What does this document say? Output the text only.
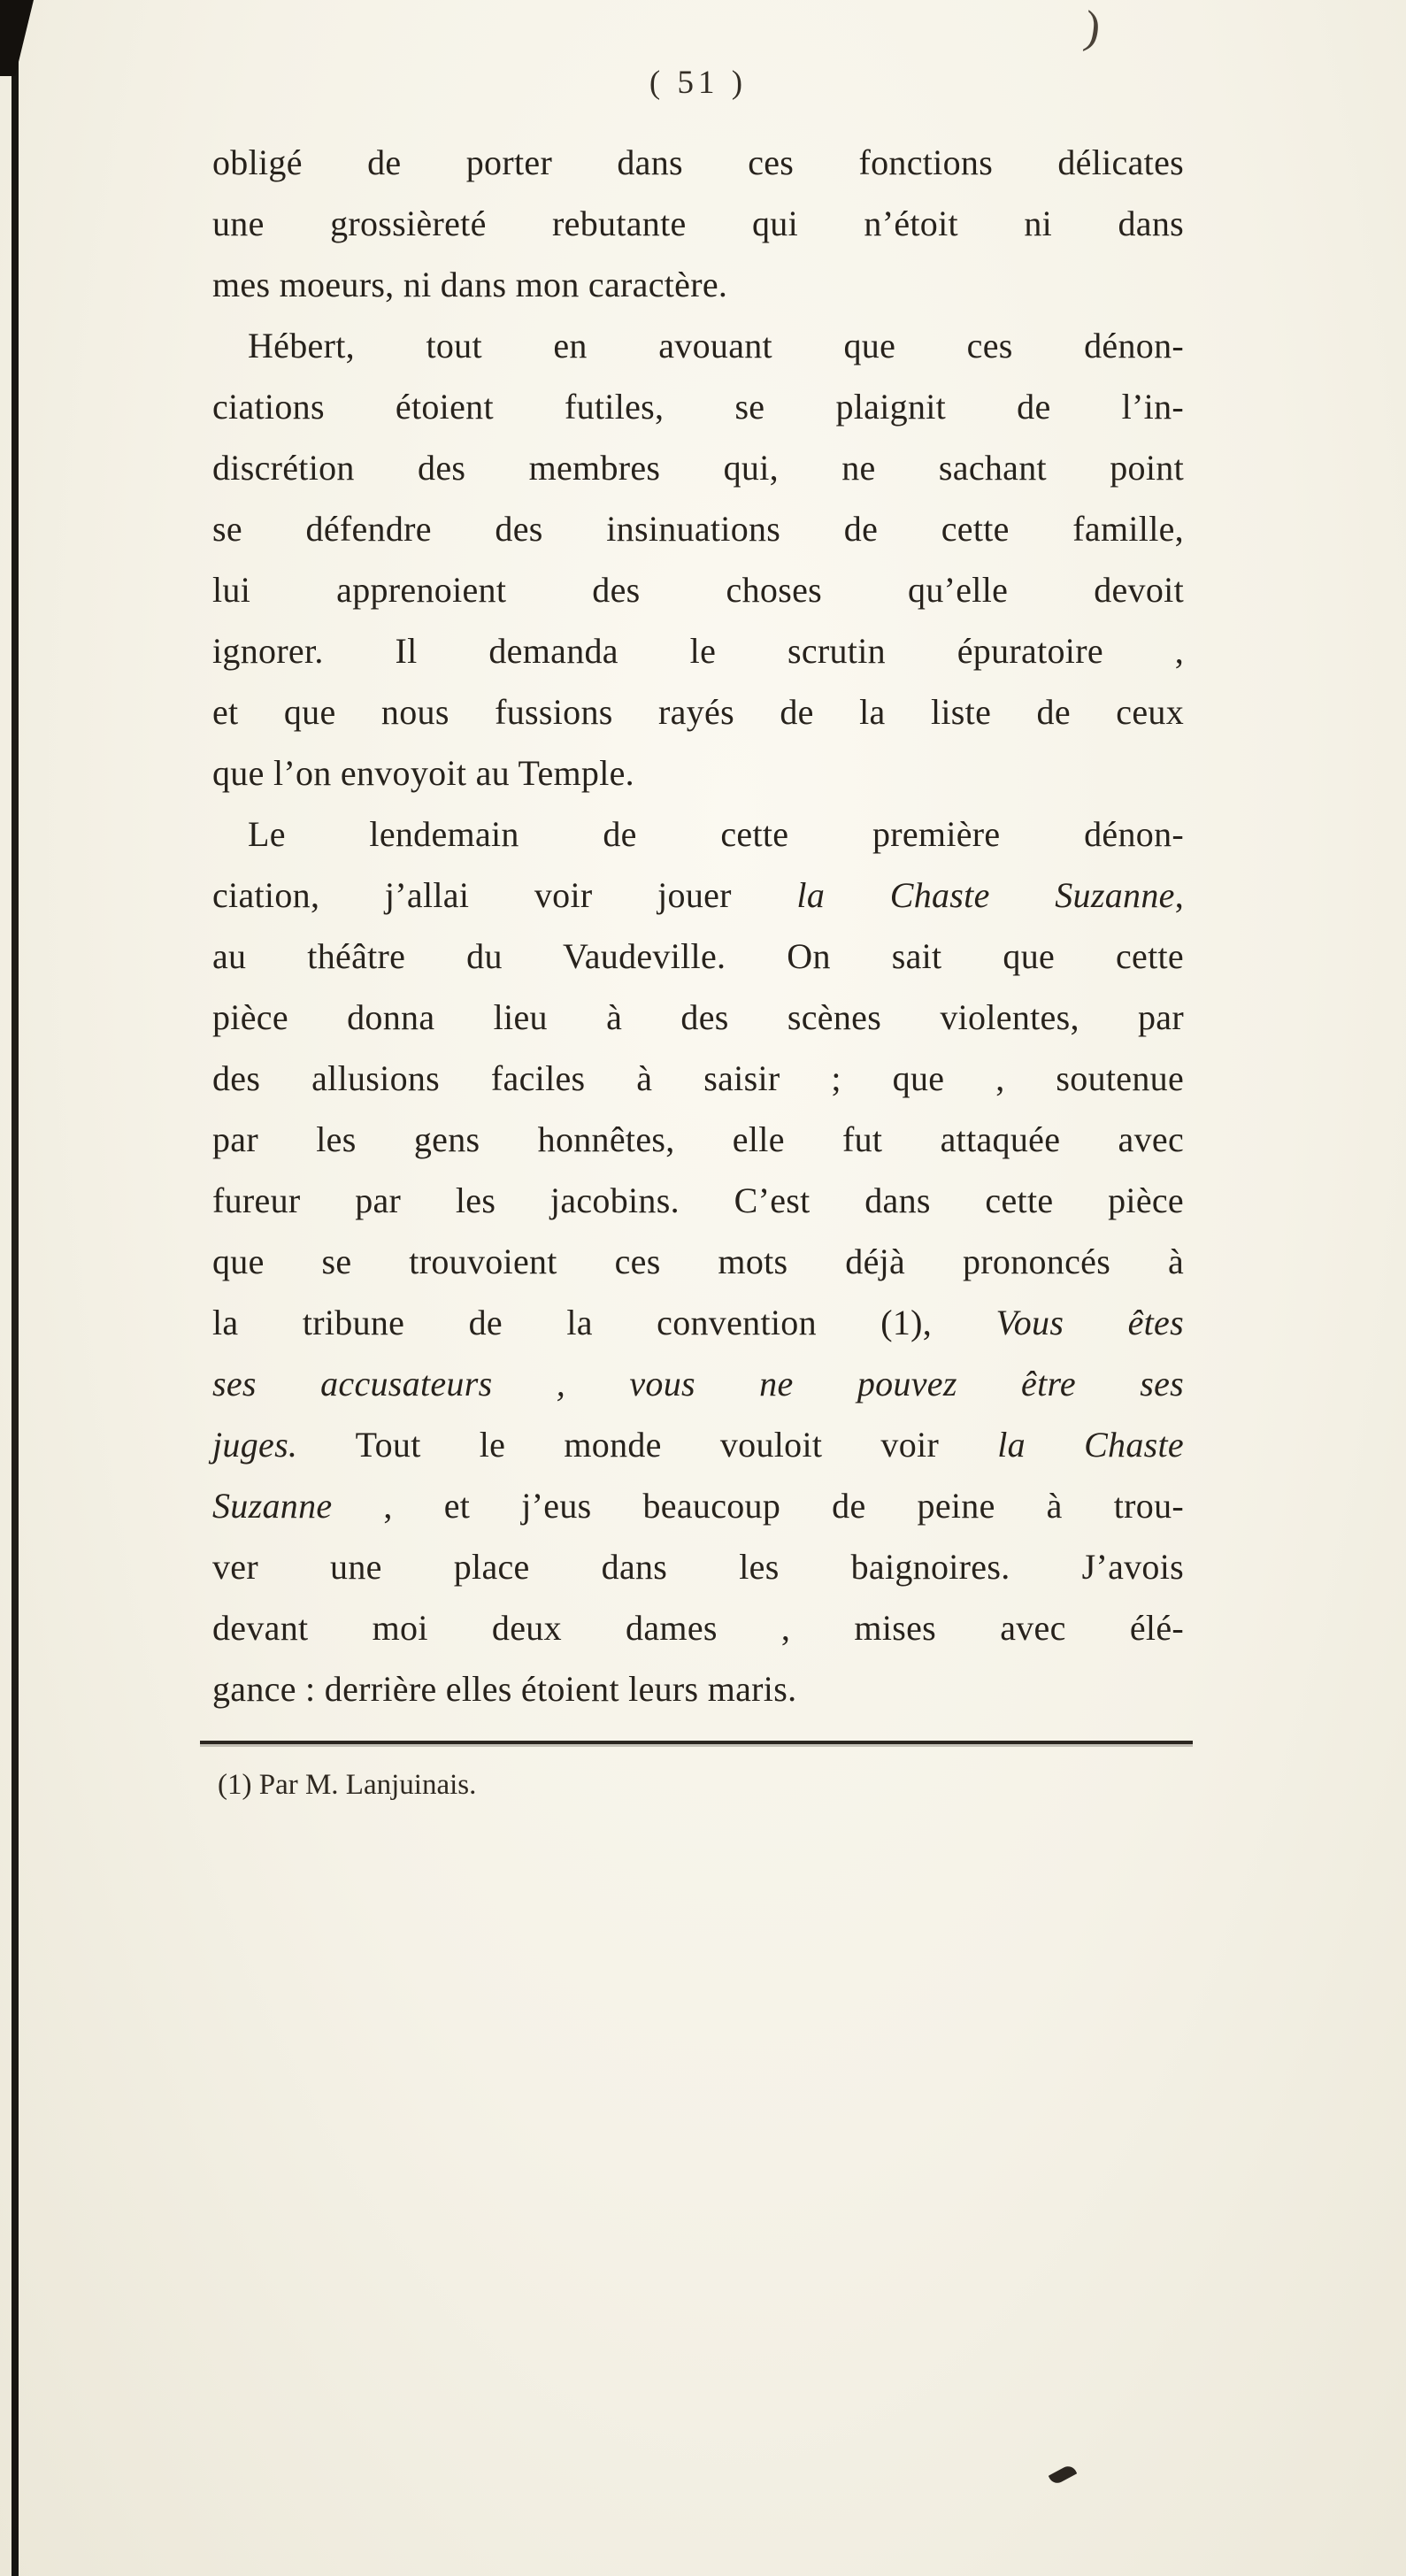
)
( 51 )
obligé de porter dans ces fonctions délicates
une grossièreté rebutante qui n’étoit ni dans
mes moeurs, ni dans mon caractère.
Hébert, tout en avouant que ces dénon-
ciations étoient futiles, se plaignit de l’in-
discrétion des membres qui, ne sachant point
se défendre des insinuations de cette famille,
lui apprenoient des choses qu’elle devoit
ignorer. Il demanda le scrutin épuratoire ,
et que nous fussions rayés de la liste de ceux
que l’on envoyoit au Temple.
Le lendemain de cette première dénon-
ciation, j’allai voir jouer la Chaste Suzanne,
au théâtre du Vaudeville. On sait que cette
pièce donna lieu à des scènes violentes, par
des allusions faciles à saisir ; que , soutenue
par les gens honnêtes, elle fut attaquée avec
fureur par les jacobins. C’est dans cette pièce
que se trouvoient ces mots déjà prononcés à
la tribune de la convention (1), Vous êtes
ses accusateurs , vous ne pouvez être ses
juges. Tout le monde vouloit voir la Chaste
Suzanne , et j’eus beaucoup de peine à trou-
ver une place dans les baignoires. J’avois
devant moi deux dames , mises avec élé-
gance : derrière elles étoient leurs maris.
(1) Par M. Lanjuinais.
